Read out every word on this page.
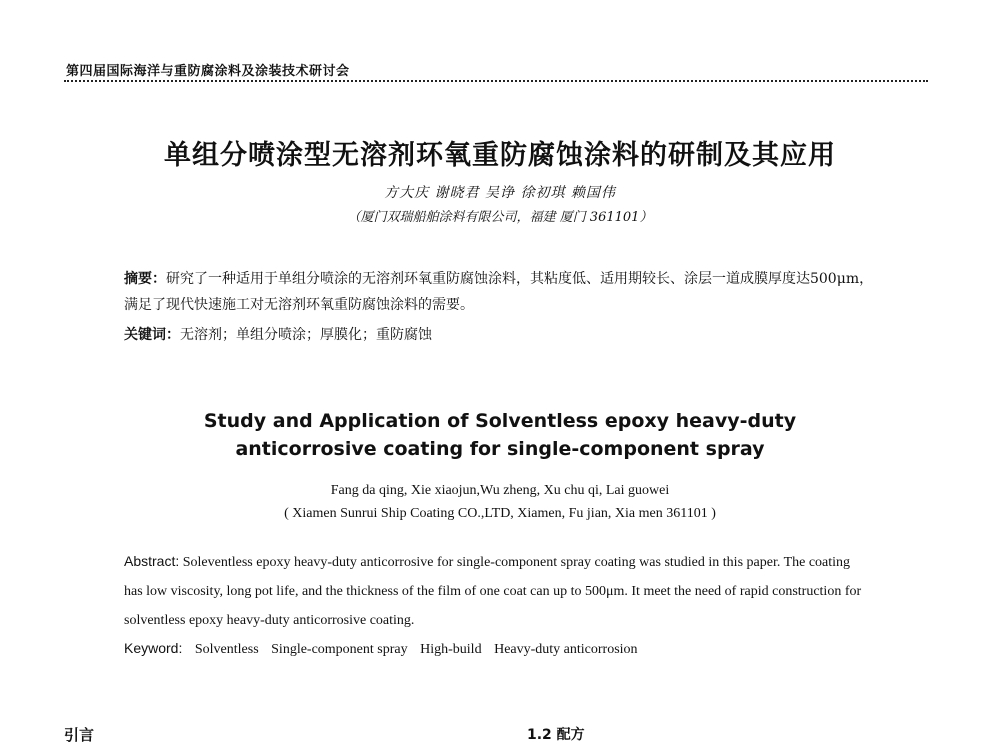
第四届国际海洋与重防腐涂料及涂装技术研讨会
单组分喷涂型无溶剂环氧重防腐蚀涂料的研制及其应用
方大庆 谢晓君 吴诤 徐初琪 赖国伟
（厦门双瑞船舶涂料有限公司，福建 厦门 361101）
摘要：研究了一种适用于单组分喷涂的无溶剂环氧重防腐蚀涂料，其粘度低、适用期较长、涂层一道成膜厚度达500μm，满足了现代快速施工对无溶剂环氧重防腐蚀涂料的需要。
关键词：无溶剂；单组分喷涂；厚膜化；重防腐蚀
Study and Application of Solventless epoxy heavy-duty
anticorrosive coating for single-component spray
Fang da qing, Xie xiaojun,Wu zheng, Xu chu qi, Lai guowei
( Xiamen Sunrui Ship Coating CO.,LTD, Xiamen, Fu jian, Xia men 361101 )
Abstract: Soleventless epoxy heavy-duty anticorrosive for single-component spray coating was studied in this paper. The coating has low viscosity, long pot life, and the thickness of the film of one coat can up to 500μm. It meet the need of rapid construction for solventless epoxy heavy-duty anticorrosive coating.
Keyword: Solventless Single-component spray High-build Heavy-duty anticorrosion
引言	1.2 配方
